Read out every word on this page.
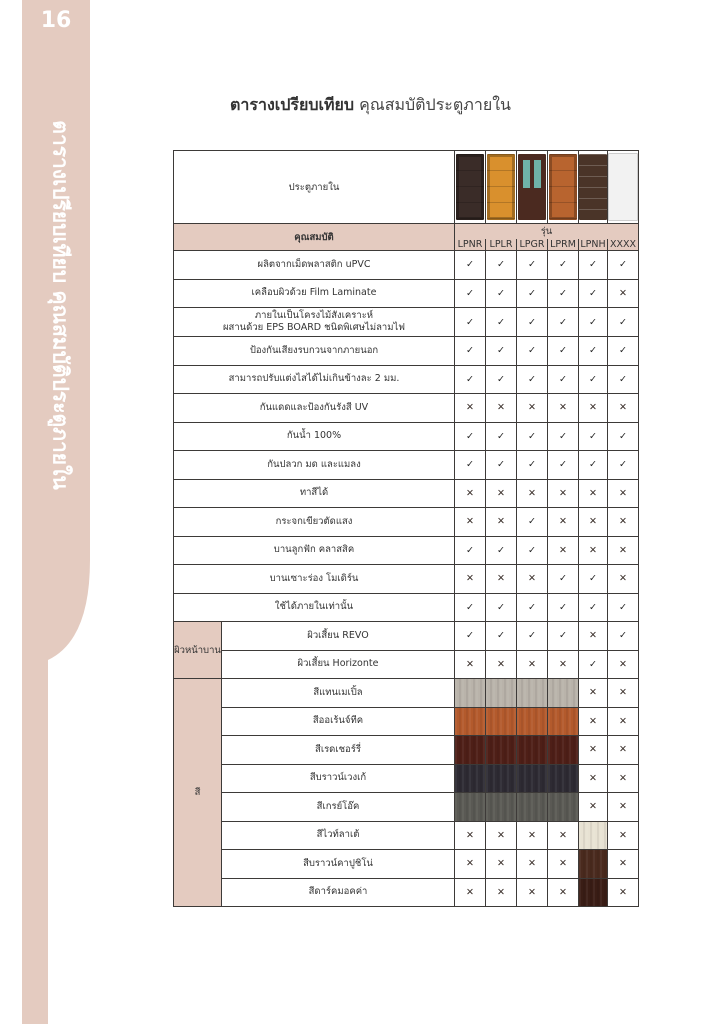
16
ตารางเปรียบเทียบ คุณสมบัติประตูภายใน
ตารางเปรียบเทียบ คุณสมบัติประตูภายใน
ประตูภายใน		

คุณสมบัติ		รุ่น					
		LPNR	LPLR	LPGR	LPRM	LPNH	XXXX
ผลิตจากเม็ดพลาสติก uPVC		✓	✓	✓	✓	✓	✓
เคลือบผิวด้วย Film Laminate		✓	✓	✓	✓	✓	✕
ภายในเป็นโครงไม้สังเคราะห์
ผสานด้วย EPS BOARD ชนิดพิเศษไม่ลามไฟ		✓	✓	✓	✓	✓	✓
ป้องกันเสียงรบกวนจากภายนอก		✓	✓	✓	✓	✓	✓
สามารถปรับแต่งไสได้ไม่เกินข้างละ 2 มม.		✓	✓	✓	✓	✓	✓
กันแดดและป้องกันรังสี UV		✕	✕	✕	✕	✕	✕
กันน้ำ 100%		✓	✓	✓	✓	✓	✓
กันปลวก มด และแมลง		✓	✓	✓	✓	✓	✓
ทาสีได้		✕	✕	✕	✕	✕	✕
กระจกเขียวตัดแสง		✕	✕	✓	✕	✕	✕
บานลูกฟัก คลาสสิค		✓	✓	✓	✕	✕	✕
บานเซาะร่อง โมเดิร์น		✕	✕	✕	✓	✓	✕
ใช้ได้ภายในเท่านั้น		✓	✓	✓	✓	✓	✓
ผิวหน้าบาน	ผิวเสี้ยน REVO	✓	✓	✓	✓	✕	✓
	ผิวเสี้ยน Horizonte	✕	✕	✕	✕	✓	✕
สี	สีแทนเมเปิ้ล					✕	✕
	สีออเร้นจ์ทีค					✕	✕
	สีเรดเชอร์รี่					✕	✕
	สีบราวน์เวงเก้					✕	✕
	สีเกรย์โอ๊ค					✕	✕
	สีไวท์ลาเต้	✕	✕	✕	✕		✕
	สีบราวน์คาปูชิโน่	✕	✕	✕	✕		✕
	สีดาร์คมอคค่า	✕	✕	✕	✕		✕
